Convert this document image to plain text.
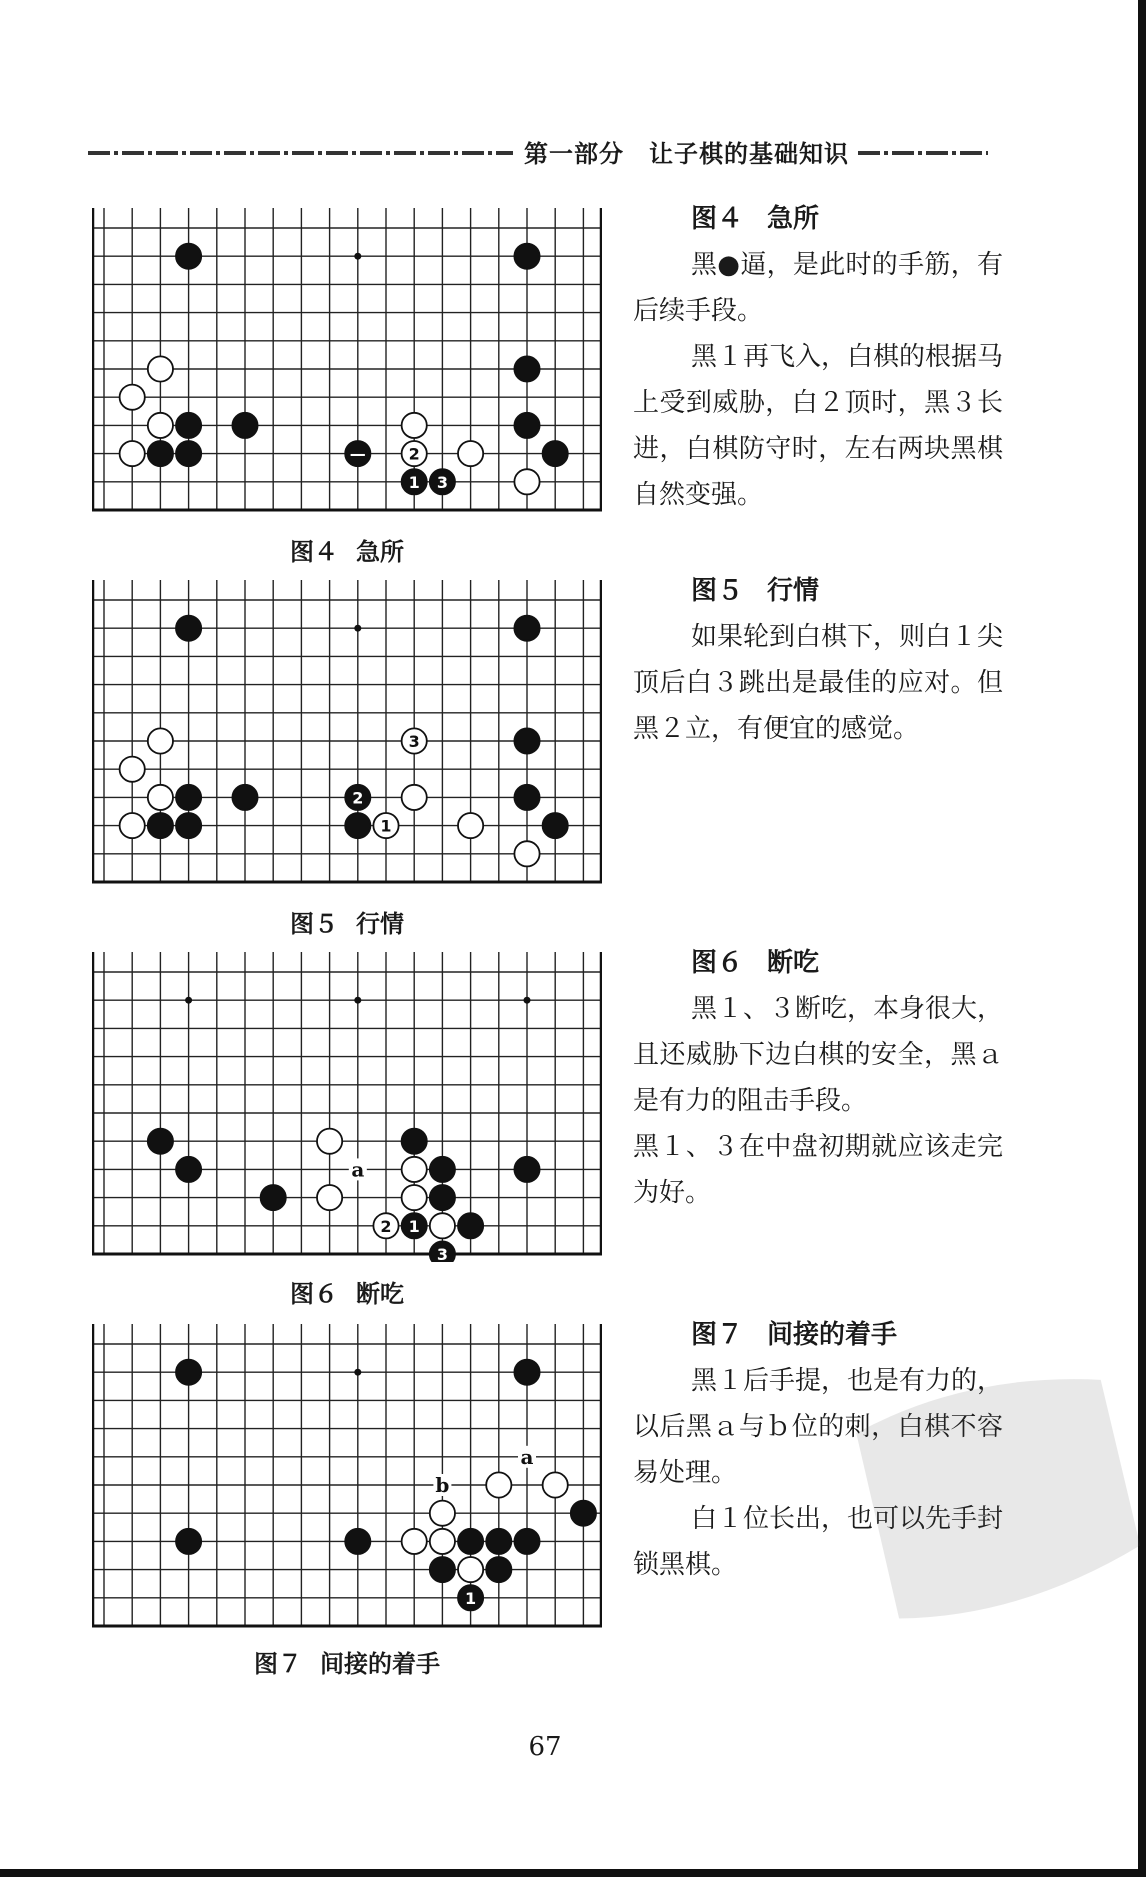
第一部分　让子棋的基础知识
2
—
1 3
图４ 急所
图４ 急所

黑●逼，是此时的手筋，有后续手段。

黑１再飞入，白棋的根据马上受到威胁，白２顶时，黑３长进，白棋防守时，左右两块黑棋自然变强。

3
2
1
图５ 行情
图５ 行情

如果轮到白棋下，则白１尖顶后白３跳出是最佳的应对。但黑２立，有便宜的感觉。

a
2 1
3
图６ 断吃
图６ 断吃

黑１、３断吃，本身很大，且还威胁下边白棋的安全，黑ａ是有力的阻击手段。

黑１、３在中盘初期就应该走完为好。

a
b
1
图７ 间接的着手
图７ 间接的着手

黑１后手提，也是有力的，以后黑ａ与ｂ位的刺，白棋不容易处理。

白１位长出，也可以先手封锁黑棋。

67
